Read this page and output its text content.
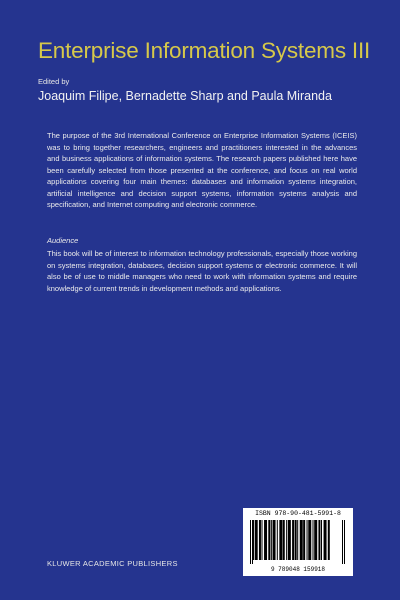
Enterprise Information Systems III
Edited by
Joaquim Filipe, Bernadette Sharp and Paula Miranda
The purpose of the 3rd International Conference on Enterprise Information Systems (ICEIS) was to bring together researchers, engineers and practitioners interested in the advances and business applications of information systems. The research papers published here have been carefully selected from those presented at the conference, and focus on real world applications covering four main themes: databases and information systems integration, artificial intelligence and decision support systems, information systems analysis and specification, and Internet computing and electronic commerce.
Audience
This book will be of interest to information technology professionals, especially those working on systems integration, databases, decision support systems or electronic commerce. It will also be of use to middle managers who need to work with information systems and require knowledge of current trends in development methods and applications.
ISBN 978-90-481-5991-8
9 789048 159918
KLUWER ACADEMIC PUBLISHERS
